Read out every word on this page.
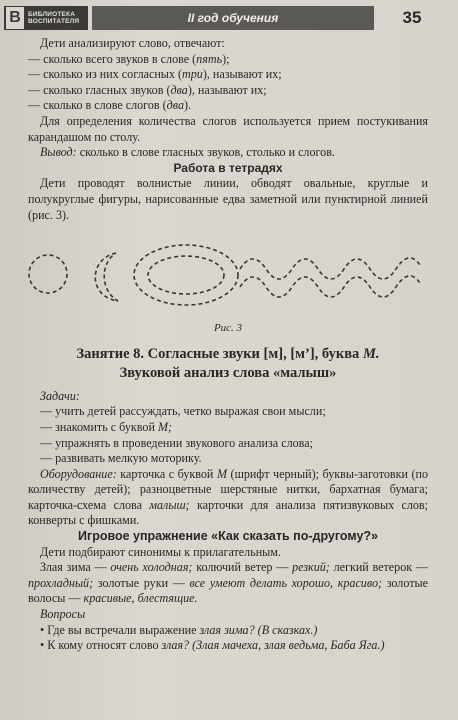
B	БИБЛИОТЕКА
ВОСПИТАТЕЛЯ	II год обучения	35

Дети анализируют слово, отвечают:

— сколько всего звуков в слове (пять);

— сколько из них согласных (три), называют их;

— сколько гласных звуков (два), называют их;

— сколько в слове слогов (два).

Для определения количества слогов используется прием постукивания карандашом по столу.

Вывод: сколько в слове гласных звуков, столько и слогов.

Работа в тетрадях

Дети проводят волнистые линии, обводят овальные, круглые и полукруглые фигуры, нарисованные едва заметной или пунктирной линией (рис. 3).

Рис. 3

Занятие 8. Согласные звуки [м], [м’], буква М.

Звуковой анализ слова «малыш»

Задачи:

— учить детей рассуждать, четко выражая свои мысли;

— знакомить с буквой М;

— упражнять в проведении звукового анализа слова;

— развивать мелкую моторику.

Оборудование: карточка с буквой М (шрифт черный); буквы-заготовки (по количеству детей); разноцветные шерстяные нитки, бархатная бумага; карточка-схема слова малыш; карточки для анализа пятизвуковых слов; конверты с фишками.

Игровое упражнение «Как сказать по-другому?»

Дети подбирают синонимы к прилагательным.

Злая зима — очень холодная; колючий ветер — резкий; легкий ветерок — прохладный; золотые руки — все умеют делать хорошо, красиво; золотые волосы — красивые, блестящие.

Вопросы

• Где вы встречали выражение злая зима? (В сказках.)

• К кому относят слово злая? (Злая мачеха, злая ведьма, Баба Яга.)
